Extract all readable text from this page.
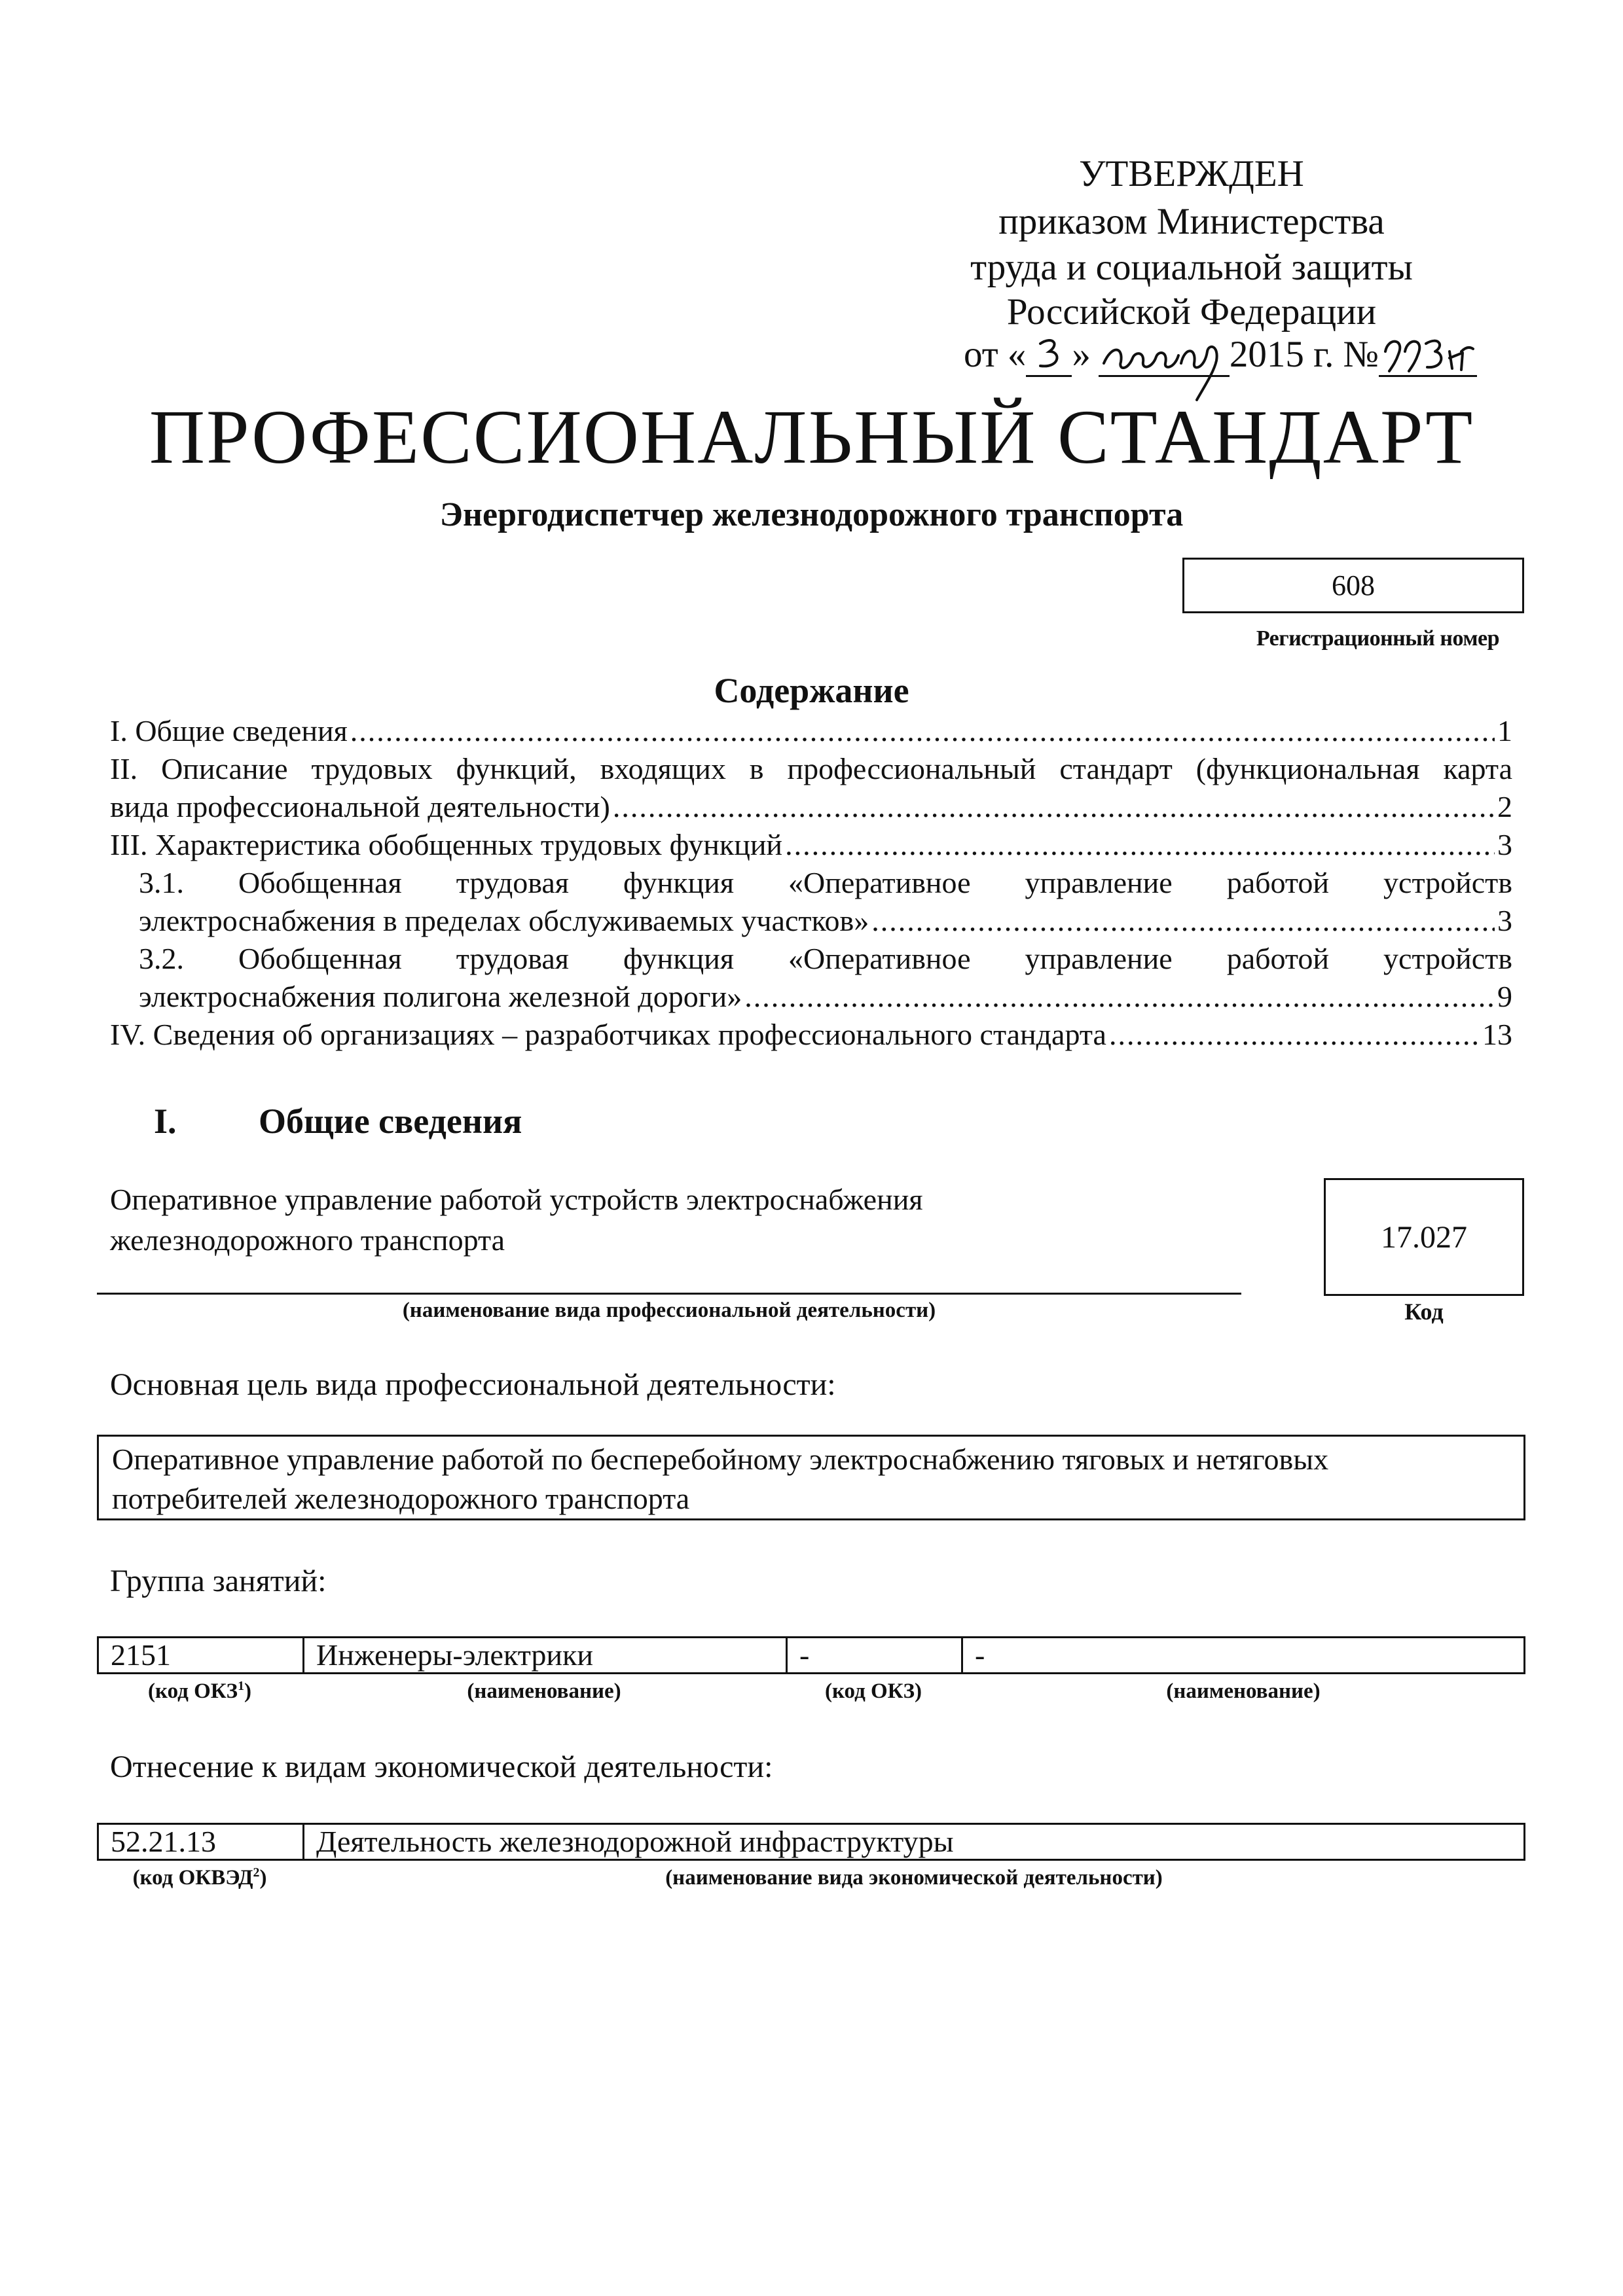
УТВЕРЖДЕН
приказом Министерства
труда и социальной защиты
Российской Федерации
от « »	2015 г. №
ПРОФЕССИОНАЛЬНЫЙ СТАНДАРТ
Энергодиспетчер железнодорожного транспорта
608
Регистрационный номер
Содержание
I. Общие сведения .....	1
II. Описание трудовых функций, входящих в профессиональный стандарт (функциональная карта
вида профессиональной деятельности) .....	2
III. Характеристика обобщенных трудовых функций .....	3
3.1. Обобщенная трудовая функция «Оперативное управление работой устройств
электроснабжения в пределах обслуживаемых участков» .....	3
3.2. Обобщенная трудовая функция «Оперативное управление работой устройств
электроснабжения полигона железной дороги» .....	9
IV. Сведения об организациях – разработчиках профессионального стандарта .....	13
I. Общие сведения
Оперативное управление работой устройств электроснабжения
железнодорожного транспорта
(наименование вида профессиональной деятельности)
17.027
Код
Основная цель вида профессиональной деятельности:
Оперативное управление работой по бесперебойному электроснабжению тяговых и нетяговых
потребителей железнодорожного транспорта
Группа занятий:
2151	Инженеры-электрики	-	-
(код ОКЗ$^1$)	(наименование)	(код ОКЗ)	(наименование)
Отнесение к видам экономической деятельности:
52.21.13	Деятельность железнодорожной инфраструктуры
(код ОКВЭД$^2$)	(наименование вида экономической деятельности)
